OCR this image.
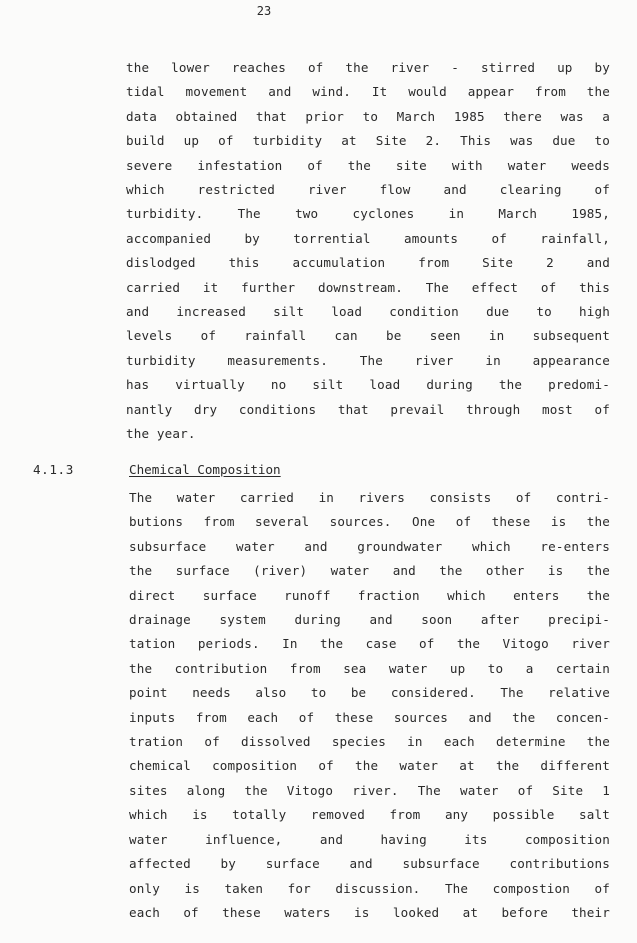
23
the lower reaches of the river - stirred up by
tidal movement and wind. It would appear from the
data obtained that prior to March 1985 there was a
build up of turbidity at Site 2. This was due to
severe infestation of the site with water weeds
which restricted river flow and clearing of
turbidity. The two cyclones in March 1985,
accompanied by torrential amounts of rainfall,
dislodged this accumulation from Site 2 and
carried it further downstream. The effect of this
and increased silt load condition due to high
levels of rainfall can be seen in subsequent
turbidity measurements. The river in appearance
has virtually no silt load during the predomi-
nantly dry conditions that prevail through most of
the year.
4.1.3	Chemical Composition
The water carried in rivers consists of contri-
butions from several sources. One of these is the
subsurface water and groundwater which re-enters
the surface (river) water and the other is the
direct surface runoff fraction which enters the
drainage system during and soon after precipi-
tation periods. In the case of the Vitogo river
the contribution from sea water up to a certain
point needs also to be considered. The relative
inputs from each of these sources and the concen-
tration of dissolved species in each determine the
chemical composition of the water at the different
sites along the Vitogo river. The water of Site 1
which is totally removed from any possible salt
water influence, and having its composition
affected by surface and subsurface contributions
only is taken for discussion. The compostion of
each of these waters is looked at before their
